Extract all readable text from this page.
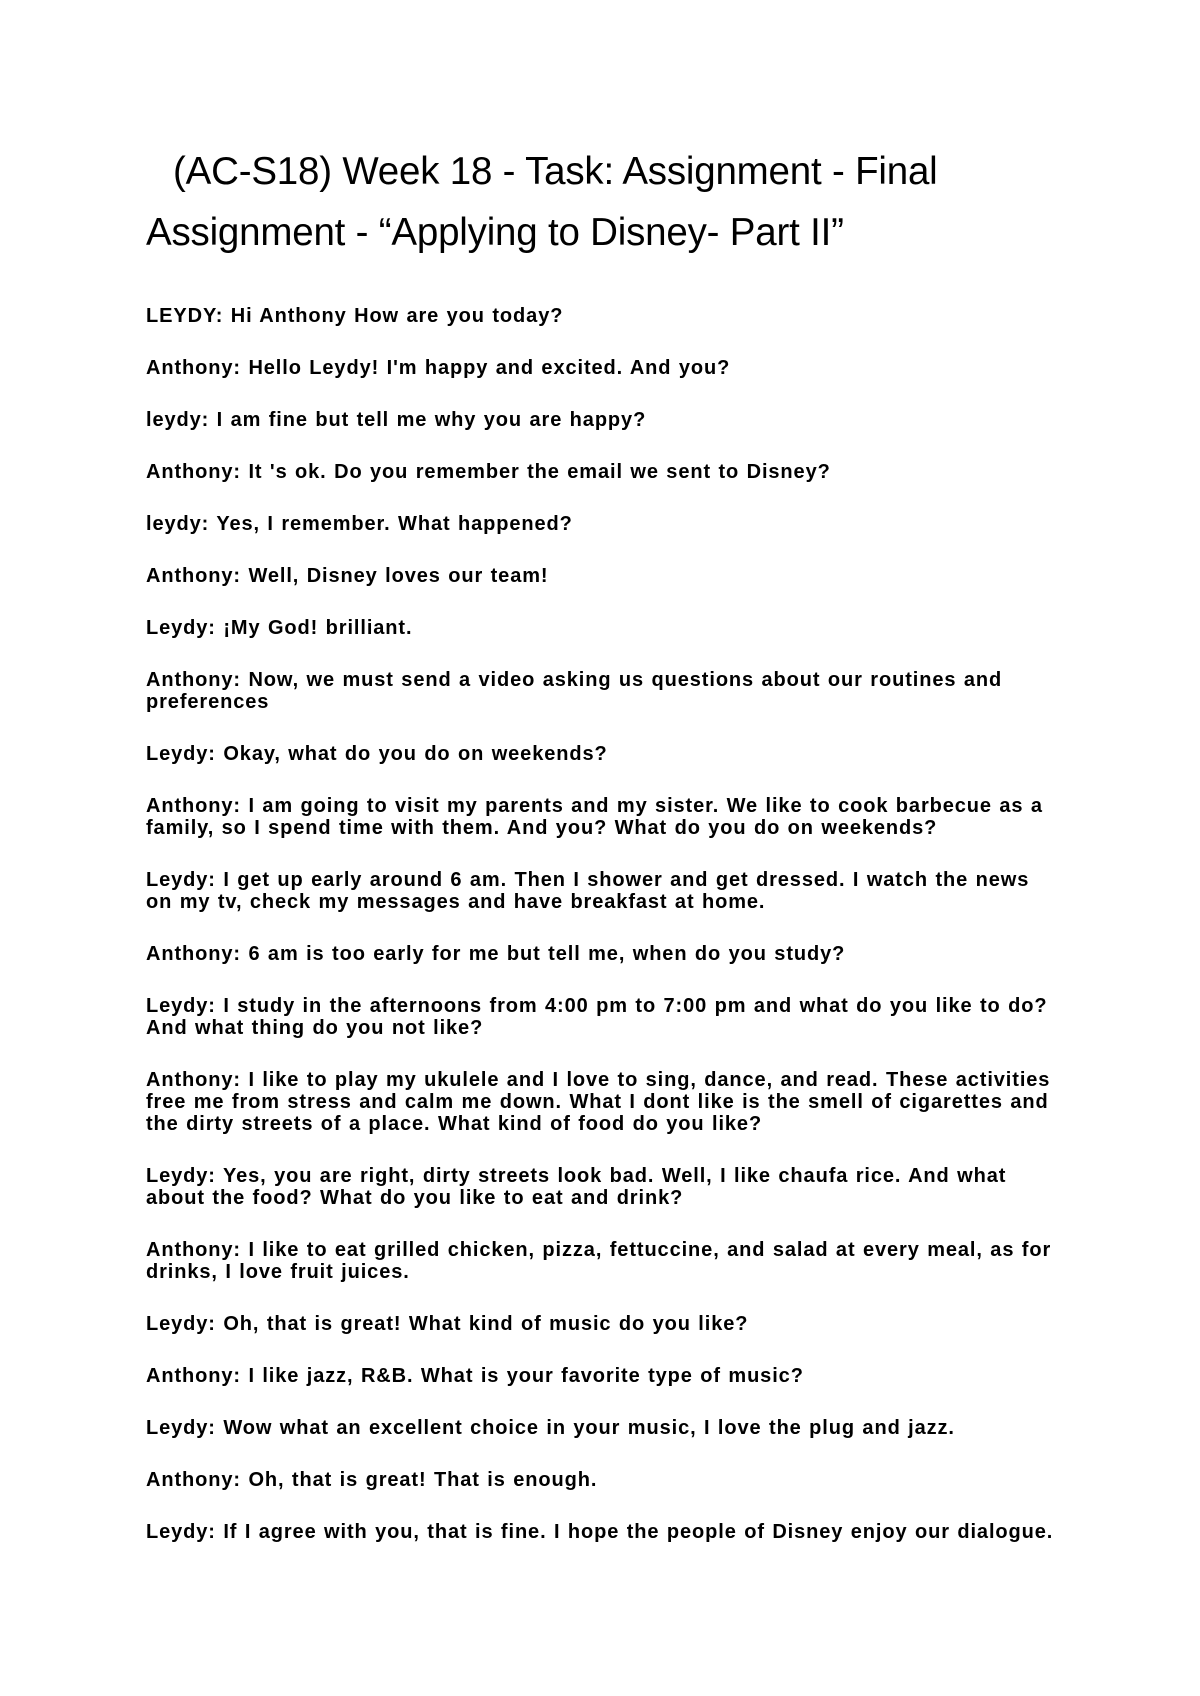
(AC-S18) Week 18 - Task: Assignment - Final
Assignment - “Applying to Disney- Part II”
LEYDY: Hi Anthony How are you today?
Anthony: Hello Leydy! I'm happy and excited. And you?
leydy: I am fine but tell me why you are happy?
Anthony: It 's ok. Do you remember the email we sent to Disney?
leydy: Yes, I remember. What happened?
Anthony: Well, Disney loves our team!
Leydy: ¡My God! brilliant.
Anthony: Now, we must send a video asking us questions about our routines and preferences
Leydy: Okay, what do you do on weekends?
Anthony: I am going to visit my parents and my sister. We like to cook barbecue as a family, so I spend time with them. And you? What do you do on weekends?
Leydy: I get up early around 6 am. Then I shower and get dressed. I watch the news on my tv, check my messages and have breakfast at home.
Anthony: 6 am is too early for me but tell me, when do you study?
Leydy: I study in the afternoons from 4:00 pm to 7:00 pm and what do you like to do? And what thing do you not like?
Anthony: I like to play my ukulele and I love to sing, dance, and read. These activities free me from stress and calm me down. What I dont like is the smell of cigarettes and the dirty streets of a place. What kind of food do you like?
Leydy: Yes, you are right, dirty streets look bad. Well, I like chaufa rice. And what about the food? What do you like to eat and drink?
Anthony: I like to eat grilled chicken, pizza, fettuccine, and salad at every meal, as for drinks, I love fruit juices.
Leydy: Oh, that is great! What kind of music do you like?
Anthony: I like jazz, R&B. What is your favorite type of music?
Leydy: Wow what an excellent choice in your music, I love the plug and jazz.
Anthony: Oh, that is great! That is enough.
Leydy: If I agree with you, that is fine. I hope the people of Disney enjoy our dialogue.
